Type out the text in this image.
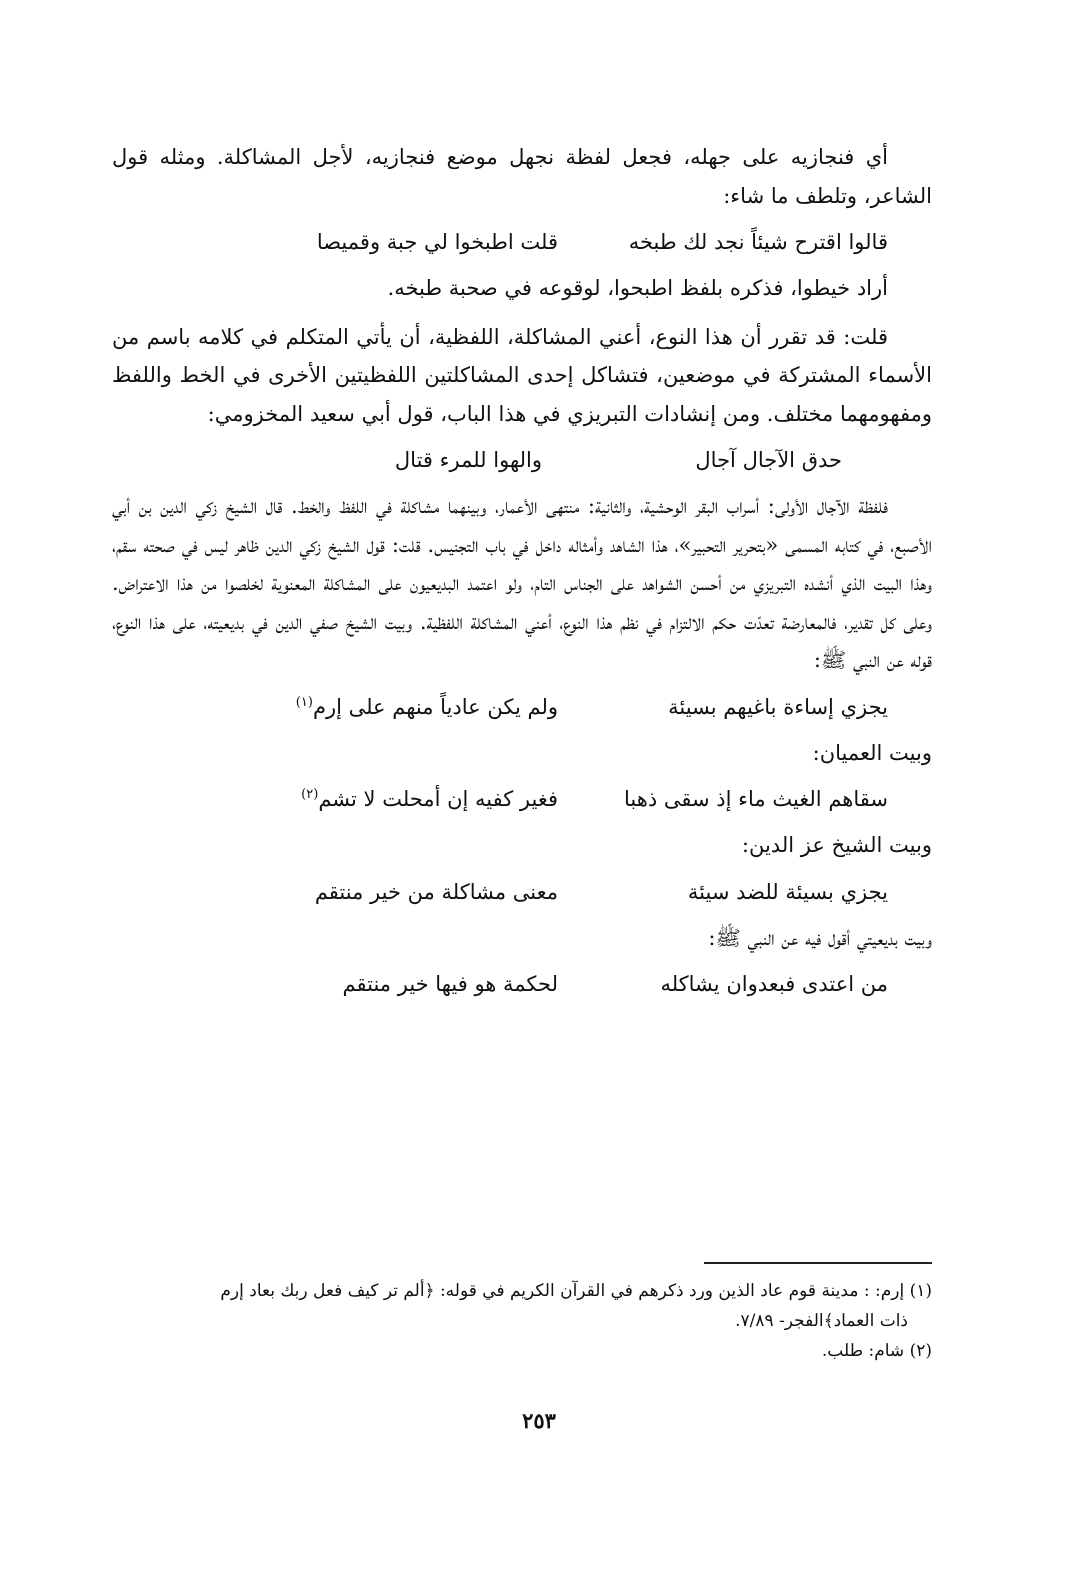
أي فنجازيه على جهله، فجعل لفظة نجهل موضع فنجازيه، لأجل المشاكلة. ومثله قول الشاعر، وتلطف ما شاء:

قالوا اقترح شيئاً نجد لك طبخه
قلت اطبخوا لي جبة وقميصا

أراد خيطوا، فذكره بلفظ اطبحوا، لوقوعه في صحبة طبخه.

قلت: قد تقرر أن هذا النوع، أعني المشاكلة، اللفظية، أن يأتي المتكلم في كلامه باسم من الأسماء المشتركة في موضعين، فتشاكل إحدى المشاكلتين اللفظيتين الأخرى في الخط واللفظ ومفهومهما مختلف. ومن إنشادات التبريزي في هذا الباب، قول أبي سعيد المخزومي:

حدق الآجال آجال
والهوا للمرء قتال

فلفظة الآجال الأولى: أسراب البقر الوحشية، والثانية: منتهى الأعمار، وبينهما مشاكلة في اللفظ والخط. قال الشيخ زكي الدين بن أبي الأصبع، في كتابه المسمى «بتحرير التحبير»، هذا الشاهد وأمثاله داخل في باب التجنيس. قلت: قول الشيخ زكي الدين ظاهر ليس في صحته سقم، وهذا البيت الذي أنشده التبريزي من أحسن الشواهد على الجناس التام، ولو اعتمد البديعيون على المشاكلة المعنوية لخلصوا من هذا الاعتراض. وعلى كل تقدير، فالمعارضة تعدّت حكم الالتزام في نظم هذا النوع، أعني المشاكلة اللفظية. وبيت الشيخ صفي الدين في بديعيته، على هذا النوع، قوله عن النبي ﷺ:

يجزي إساءة باغيهم بسيئة
ولم يكن عادياً منهم على إرم$^{(١)}$

وبيت العميان:

سقاهم الغيث ماء إذ سقى ذهبا
فغير كفيه إن أمحلت لا تشم$^{(٢)}$

وبيت الشيخ عز الدين:

يجزي بسيئة للضد سيئة
معنى مشاكلة من خير منتقم

وبيت بديعيتي أقول فيه عن النبي ﷺ:

من اعتدى فبعدوان يشاكله
لحكمة هو فيها خير منتقم

(١) إرم: : مدينة قوم عاد الذين ورد ذكرهم في القرآن الكريم في قوله: ﴿ألم تر كيف فعل ربك بعاد إرم

ذات العماد﴾الفجر- ٧/٨٩.

(٢) شام: طلب.

٢٥٣
